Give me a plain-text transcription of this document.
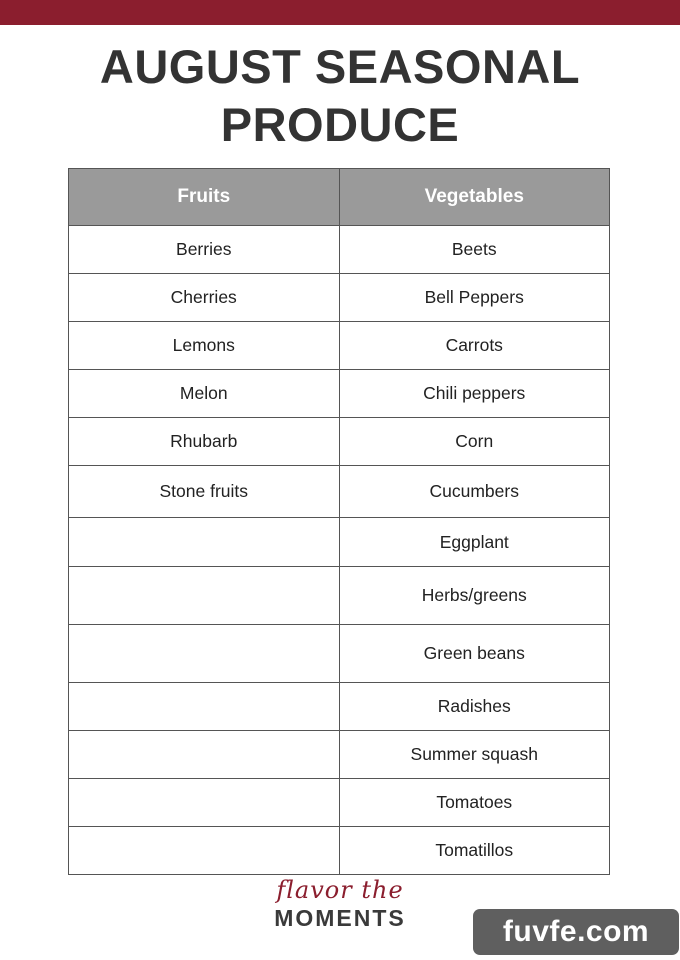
AUGUST SEASONAL
PRODUCE
Fruits	Vegetables
Berries	Beets
Cherries	Bell Peppers
Lemons	Carrots
Melon	Chili peppers
Rhubarb	Corn
Stone fruits	Cucumbers
	Eggplant
	Herbs/greens
	Green beans
	Radishes
	Summer squash
	Tomatoes
	Tomatillos
flavor the
MOMENTS	fuvfe.com
